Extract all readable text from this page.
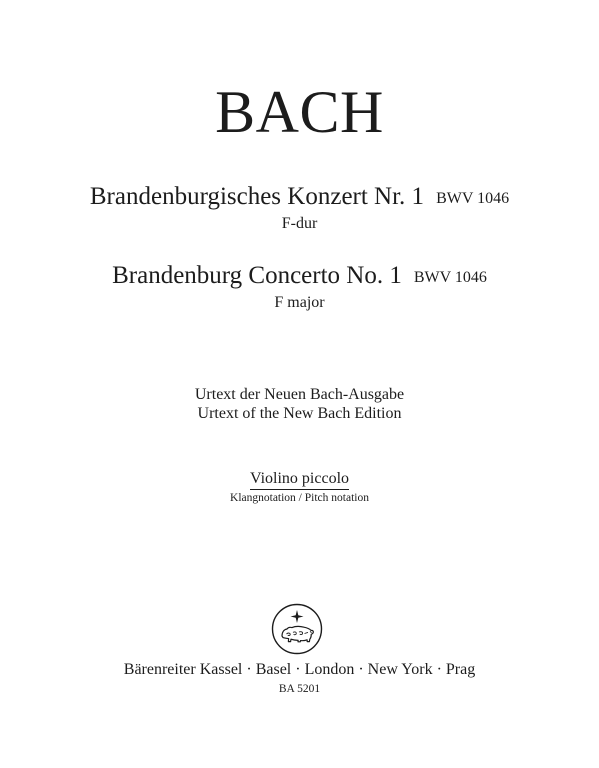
BACH
Brandenburgisches Konzert Nr. 1 BWV 1046
F-dur
Brandenburg Concerto No. 1 BWV 1046
F major
Urtext der Neuen Bach-Ausgabe
Urtext of the New Bach Edition
Violino piccolo
Klangnotation / Pitch notation
Bärenreiter Kassel · Basel · London · New York · Prag
BA 5201
